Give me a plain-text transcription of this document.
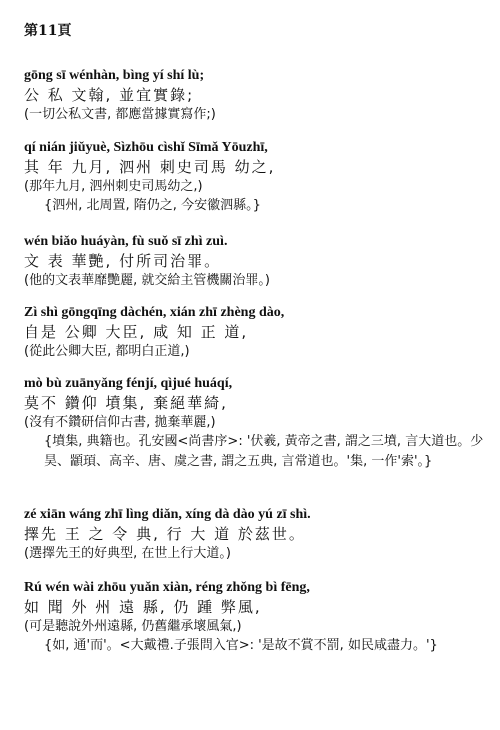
第11頁
gōng sī wénhàn, bìng yí shí lù;
公 私 文翰, 並宜實錄;
(一切公私文書, 都應當據實寫作;)
qí nián jiǔyuè, Sìzhōu cìshǐ Sīmǎ Yōuzhī,
其 年 九月, 泗州 刺史司馬 幼之,
(那年九月, 泗州刺史司馬幼之,)
{泗州, 北周置, 隋仍之, 今安徽泗縣。}
wén biǎo huáyàn, fù suǒ sī zhì zuì.
文 表 華艷, 付所司治罪。
(他的文表華靡艷麗, 就交給主管機關治罪。)
Zì shì gōngqīng dàchén, xián zhī zhèng dào,
自是 公卿 大臣, 咸 知 正 道,
(從此公卿大臣, 都明白正道,)
mò bù zuānyǎng fénjí, qìjué huáqí,
莫不 鑽仰 墳集, 棄絕華綺,
(沒有不鑽研信仰古書, 拋棄華麗,)
{墳集, 典籍也。孔安國<尚書序>: '伏羲, 黃帝之書, 謂之三墳, 言大道也。少昊、顓頊、高辛、唐、虞之書, 謂之五典, 言常道也。'集, 一作'索'。}
zé xiān wáng zhī lìng diǎn, xíng dà dào yú zī shì.
擇先 王 之 令 典, 行 大 道 於茲世。
(選擇先王的好典型, 在世上行大道。)
Rú wén wài zhōu yuǎn xiàn, réng zhǒng bì fēng,
如 聞 外 州 遠 縣, 仍 踵 弊風,
(可是聽說外州遠縣, 仍舊繼承壞風氣,)
{如, 通'而'。<大戴禮.子張問入官>: '是故不賞不罰, 如民咸盡力。'}
